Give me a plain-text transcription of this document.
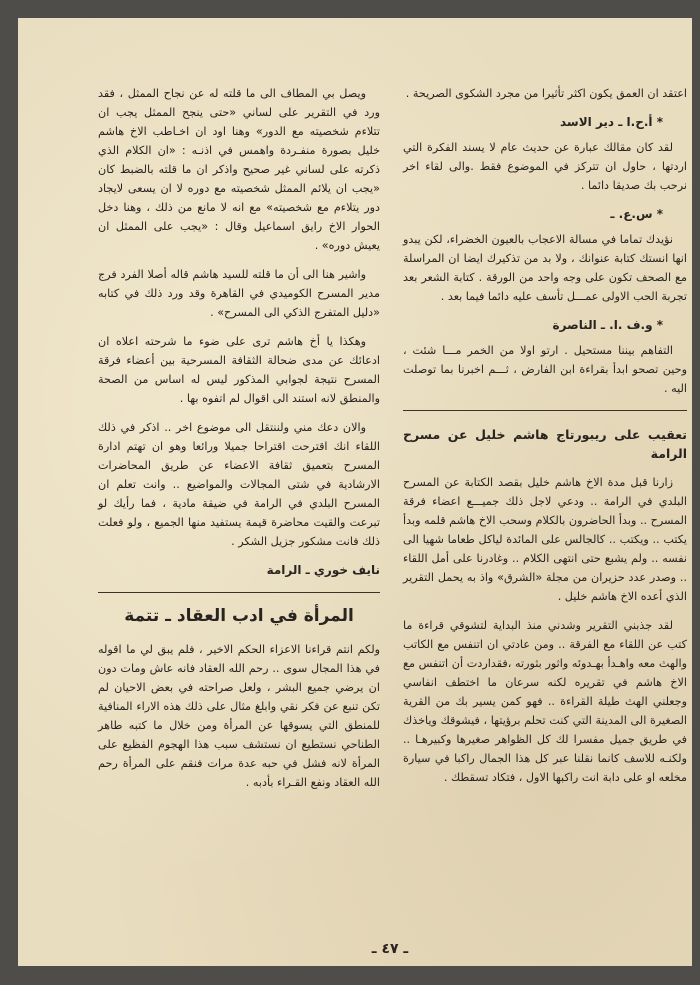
اعتقد ان العمق يكون اكثر تأثيرا من مجرد الشكوى الصريحة .

* أ.ح.ا ـ دير الاسد

لقد كان مقالك عبارة عن حديث عام لا يسند الفكرة التي اردتها ، حاول ان تتركز في الموضوع فقط .والى لقاء اخر نرحب بك صديقا دائما .

* س.ع. ـ

نؤيدك تماما في مسالة الاعجاب بالعيون الخضراء، لكن يبدو انها انستك كتابة عنوانك ، ولا بد من تذكيرك ايضا ان المراسلة مع الصحف تكون على وجه واحد من الورقة . كتابة الشعر بعد تجربة الحب الاولى عمـــل تأسف عليه دائما فيما بعد .

* و.ف .ا. ـ الناصرة

التفاهم بيننا مستحيل . ارتو اولا من الخمر مـــا شئت ، وحين تصحو ابدأ بقراءة ابن الفارض ، ثـــم اخبرنا بما توصلت اليه .

تعقيب على ريبورتاج هاشم خليل عن مسرح الرامة

زارنا قبل مدة الاخ هاشم خليل بقصد الكتابة عن المسرح البلدي في الرامة .. ودعي لاجل ذلك جميـــع اعضاء فرقة المسرح .. وبدأ الحاضرون بالكلام وسحب الاخ هاشم قلمه وبدأ يكتب .. ويكتب .. كالجالس على المائدة لياكل طعاما شهيا الى نفسه .. ولم يشبع حتى انتهى الكلام .. وغادرنا على أمل اللقاء .. وصدر عدد حزيران من مجلة «الشرق» واذ به يحمل التقرير الذي أعده الاخ هاشم خليل .

لقد جذبني التقرير وشدني منذ البداية لتشوقي قراءة ما كتب عن اللقاء مع الفرقة .. ومن عادتي ان اتنفس مع الكاتب والهث معه واهـدأ بهـدوئه واثور بثورته ،فقداردت أن اتنفس مع الاخ هاشم في تقريره لكنه سرعان ما اختطف انفاسي وجعلني الهث طيلة القراءة .. فهو كمن يسير بك من القرية الصغيرة الى المدينة التي كنت تحلم برؤيتها ، فيشوقك وياخذك في طريق جميل مفسرا لك كل الظواهر صغيرها وكبيرهـا .. ولكنـه للاسف كانما نقلنا عبر كل هذا الجمال راكبا في سيارة مخلعه او على دابة انت راكبها الاول ، فتكاد تسقطك .

ويصل بي المطاف الى ما قلته له عن نجاح الممثل ، فقد ورد في التقرير على لساني «حتى ينجح الممثل يجب ان تتلاءم شخصيته مع الدور» وهنا اود ان اخـاطب الاخ هاشم خليل بصورة منفـردة واهمس في اذنـه : «ان الكلام الذي ذكرته على لساني غير صحيح واذكر ان ما قلته بالضبط كان «يجب ان يلائم الممثل شخصيته مع دوره لا ان يسعى لايجاد دور يتلاءم مع شخصيته» مع انه لا مانع من ذلك ، وهنا دخل الحوار الاخ رايق اسماعيل وقال : «يجب على الممثل ان يعيش دوره» .

واشير هنا الى أن ما قلته للسيد هاشم قاله أصلا الفرد فرج مدير المسرح الكوميدي في القاهرة وقد ورد ذلك في كتابه «دليل المتفرج الذكي الى المسرح» .

وهكذا يا أخ هاشم ترى على ضوء ما شرحته اعلاه ان ادعائك عن مدى ضحالة الثقافة المسرحية بين أعضاء فرقة المسرح نتيجة لجوابي المذكور ليس له اساس من الصحة والمنطق لانه استند الى اقوال لم اتفوه بها .

والان دعك مني ولننتقل الى موضوع اخر .. اذكر في ذلك اللقاء انك اقترحت اقتراحا جميلا ورائعا وهو ان تهتم ادارة المسرح بتعميق ثقافة الاعضاء عن طريق المحاضرات الارشادية في شتى المجالات والمواضيع .. وانت تعلم ان المسرح البلدي في الرامة في ضيقة مادية ، فما رأيك لو تبرعت والقيت محاضرة قيمة يستفيد منها الجميع ، ولو فعلت ذلك فانت مشكور جزيل الشكر .

نايف خوري ـ الرامة
المرأة في ادب العقاد ـ تتمة

ولكم انتم قراءنا الاعزاء الحكم الاخير ، فلم يبق لي ما اقوله في هذا المجال سوى .. رحم الله العقاد فانه عاش ومات دون ان يرضي جميع البشر ، ولعل صراحته في بعض الاحيان لم تكن تنبع عن فكر نقي وابلغ مثال على ذلك هذه الاراء المنافية للمنطق التي يسوقها عن المرأة ومن خلال ما كتبه طاهر الطناحي نستطيع ان نستشف سبب هذا الهجوم الفظيع على المرأة لانه فشل في حبه عدة مرات فنقم على المرأة رحم الله العقاد ونفع القـراء بأدبه .

ـ ٤٧ ـ
